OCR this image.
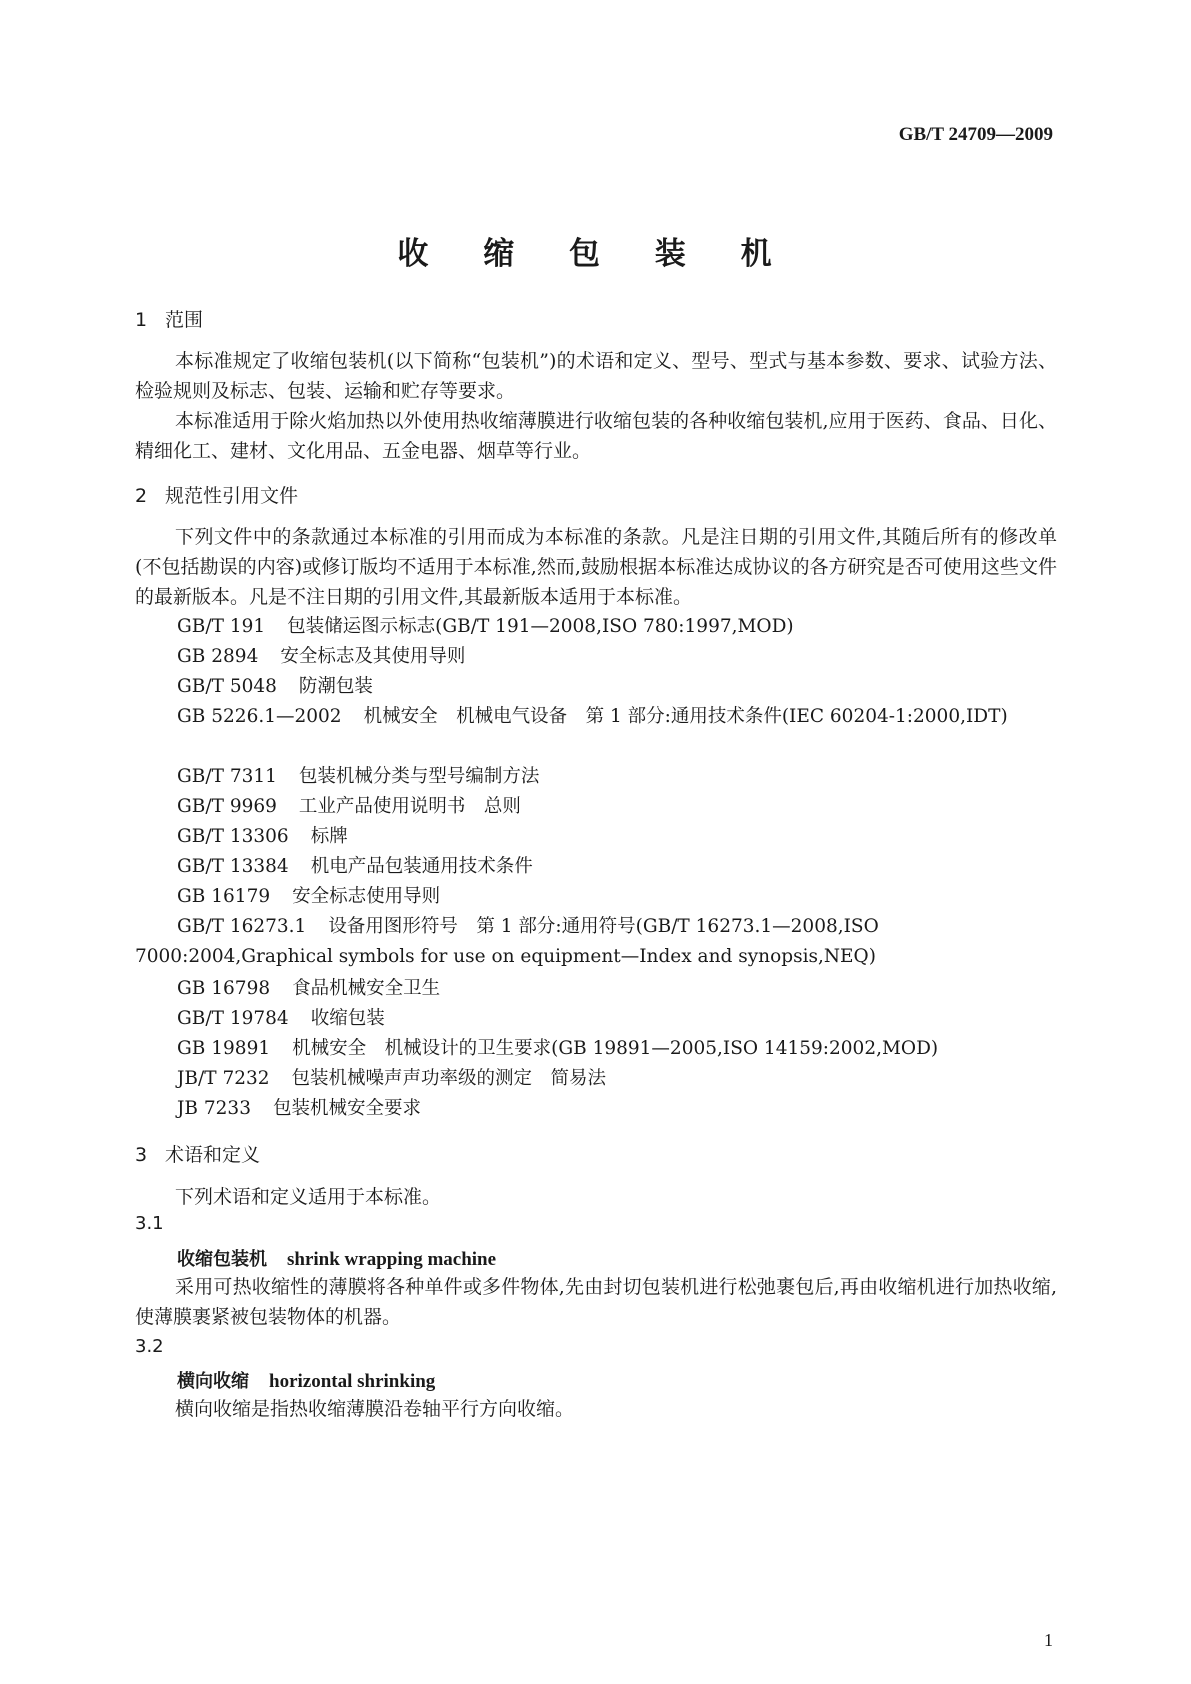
GB/T 24709—2009
收 缩 包 装 机
1 范围
本标准规定了收缩包装机(以下简称“包装机”)的术语和定义、型号、型式与基本参数、要求、试验方法、检验规则及标志、包装、运输和贮存等要求。
本标准适用于除火焰加热以外使用热收缩薄膜进行收缩包装的各种收缩包装机,应用于医药、食品、日化、精细化工、建材、文化用品、五金电器、烟草等行业。
2 规范性引用文件
下列文件中的条款通过本标准的引用而成为本标准的条款。凡是注日期的引用文件,其随后所有的修改单(不包括勘误的内容)或修订版均不适用于本标准,然而,鼓励根据本标准达成协议的各方研究是否可使用这些文件的最新版本。凡是不注日期的引用文件,其最新版本适用于本标准。
GB/T 191 包装储运图示标志(GB/T 191—2008,ISO 780:1997,MOD)
GB 2894 安全标志及其使用导则
GB/T 5048 防潮包装
GB 5226.1—2002 机械安全　机械电气设备　第 1 部分:通用技术条件(IEC 60204-1:2000,IDT)
GB/T 7311 包装机械分类与型号编制方法
GB/T 9969 工业产品使用说明书　总则
GB/T 13306 标牌
GB/T 13384 机电产品包装通用技术条件
GB 16179 安全标志使用导则
GB/T 16273.1 设备用图形符号　第 1 部分:通用符号(GB/T 16273.1—2008,ISO 7000:2004,Graphical symbols for use on equipment—Index and synopsis,NEQ)
GB 16798 食品机械安全卫生
GB/T 19784 收缩包装
GB 19891 机械安全　机械设计的卫生要求(GB 19891—2005,ISO 14159:2002,MOD)
JB/T 7232 包装机械噪声声功率级的测定　简易法
JB 7233 包装机械安全要求
3 术语和定义
下列术语和定义适用于本标准。
3.1
收缩包装机 shrink wrapping machine
采用可热收缩性的薄膜将各种单件或多件物体,先由封切包装机进行松弛裹包后,再由收缩机进行加热收缩,使薄膜裹紧被包装物体的机器。
3.2
横向收缩 horizontal shrinking
横向收缩是指热收缩薄膜沿卷轴平行方向收缩。
1
